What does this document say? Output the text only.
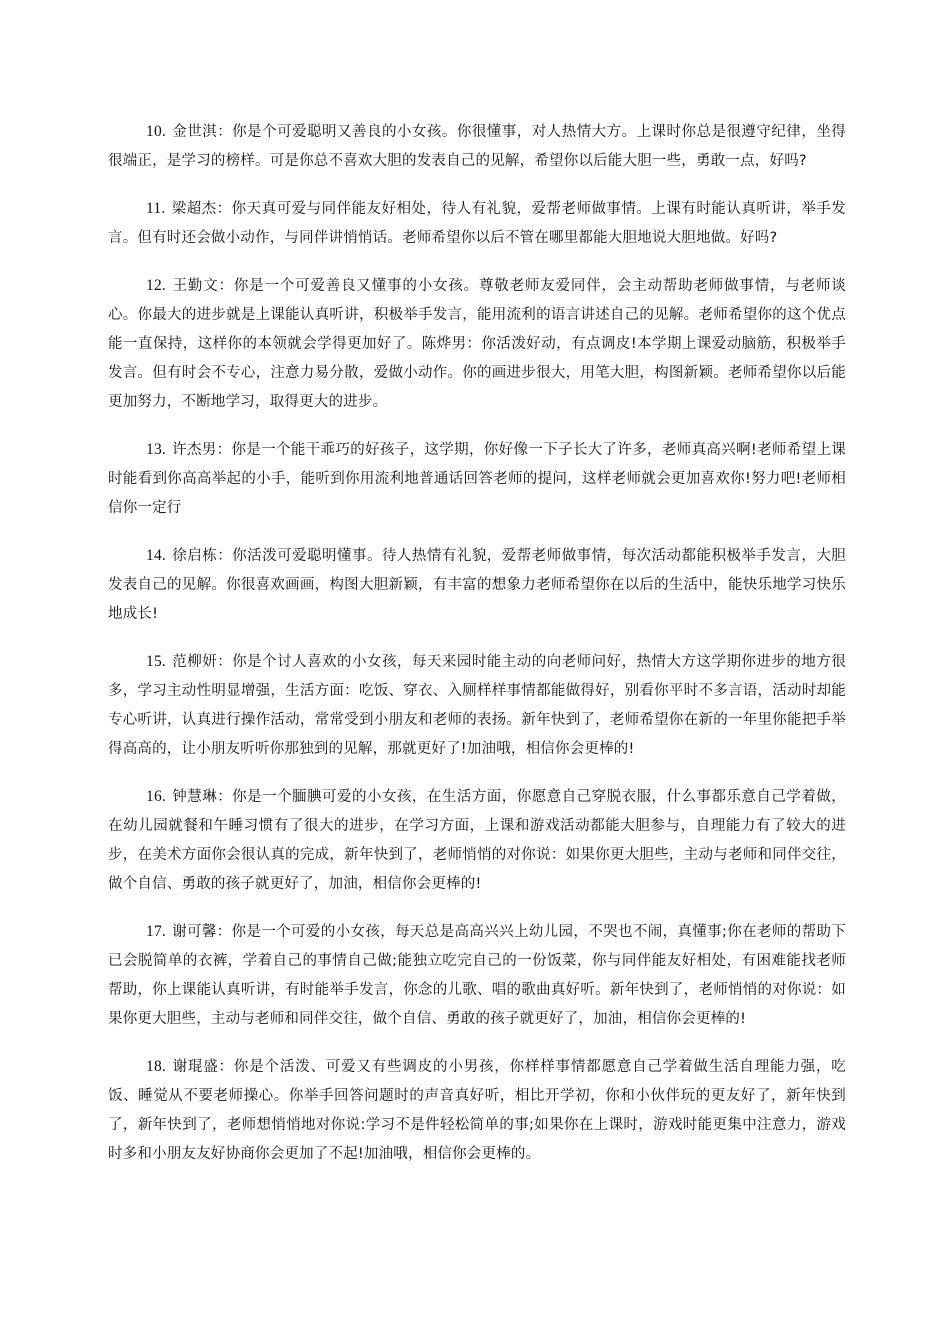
10. 金世淇：你是个可爱聪明又善良的小女孩。你很懂事，对人热情大方。上课时你总是很遵守纪律，坐得很端正，是学习的榜样。可是你总不喜欢大胆的发表自己的见解，希望你以后能大胆一些，勇敢一点，好吗?

11. 梁超杰：你天真可爱与同伴能友好相处，待人有礼貌，爱帮老师做事情。上课有时能认真听讲，举手发言。但有时还会做小动作，与同伴讲悄悄话。老师希望你以后不管在哪里都能大胆地说大胆地做。好吗?

12. 王勤文：你是一个可爱善良又懂事的小女孩。尊敬老师友爱同伴，会主动帮助老师做事情，与老师谈心。你最大的进步就是上课能认真听讲，积极举手发言，能用流利的语言讲述自己的见解。老师希望你的这个优点能一直保持，这样你的本领就会学得更加好了。陈烨男：你活泼好动，有点调皮!本学期上课爱动脑筋，积极举手发言。但有时会不专心，注意力易分散，爱做小动作。你的画进步很大，用笔大胆，构图新颖。老师希望你以后能更加努力，不断地学习，取得更大的进步。

13. 许杰男：你是一个能干乖巧的好孩子，这学期，你好像一下子长大了许多，老师真高兴啊!老师希望上课时能看到你高高举起的小手，能听到你用流利地普通话回答老师的提问，这样老师就会更加喜欢你!努力吧!老师相信你一定行

14. 徐启栋：你活泼可爱聪明懂事。待人热情有礼貌，爱帮老师做事情，每次活动都能积极举手发言，大胆发表自己的见解。你很喜欢画画，构图大胆新颖，有丰富的想象力老师希望你在以后的生活中，能快乐地学习快乐地成长!

15. 范柳妍：你是个讨人喜欢的小女孩，每天来园时能主动的向老师问好，热情大方这学期你进步的地方很多，学习主动性明显增强，生活方面：吃饭、穿衣、入厕样样事情都能做得好，别看你平时不多言语，活动时却能专心听讲，认真进行操作活动，常常受到小朋友和老师的表扬。新年快到了，老师希望你在新的一年里你能把手举得高高的，让小朋友听听你那独到的见解，那就更好了!加油哦，相信你会更棒的!

16. 钟慧琳：你是一个腼腆可爱的小女孩，在生活方面，你愿意自己穿脱衣服，什么事都乐意自己学着做，在幼儿园就餐和午睡习惯有了很大的进步，在学习方面，上课和游戏活动都能大胆参与，自理能力有了较大的进步，在美术方面你会很认真的完成，新年快到了，老师悄悄的对你说：如果你更大胆些，主动与老师和同伴交往，做个自信、勇敢的孩子就更好了，加油，相信你会更棒的!

17. 谢可馨：你是一个可爱的小女孩，每天总是高高兴兴上幼儿园，不哭也不闹，真懂事;你在老师的帮助下已会脱简单的衣裤，学着自己的事情自己做;能独立吃完自己的一份饭菜，你与同伴能友好相处，有困难能找老师帮助，你上课能认真听讲，有时能举手发言，你念的儿歌、唱的歌曲真好听。新年快到了，老师悄悄的对你说：如果你更大胆些，主动与老师和同伴交往，做个自信、勇敢的孩子就更好了，加油，相信你会更棒的!

18. 谢琨盛：你是个活泼、可爱又有些调皮的小男孩，你样样事情都愿意自己学着做生活自理能力强，吃饭、睡觉从不要老师操心。你举手回答问题时的声音真好听，相比开学初，你和小伙伴玩的更友好了，新年快到了，新年快到了，老师想悄悄地对你说:学习不是件轻松简单的事;如果你在上课时，游戏时能更集中注意力，游戏时多和小朋友友好协商你会更加了不起!加油哦，相信你会更棒的。
